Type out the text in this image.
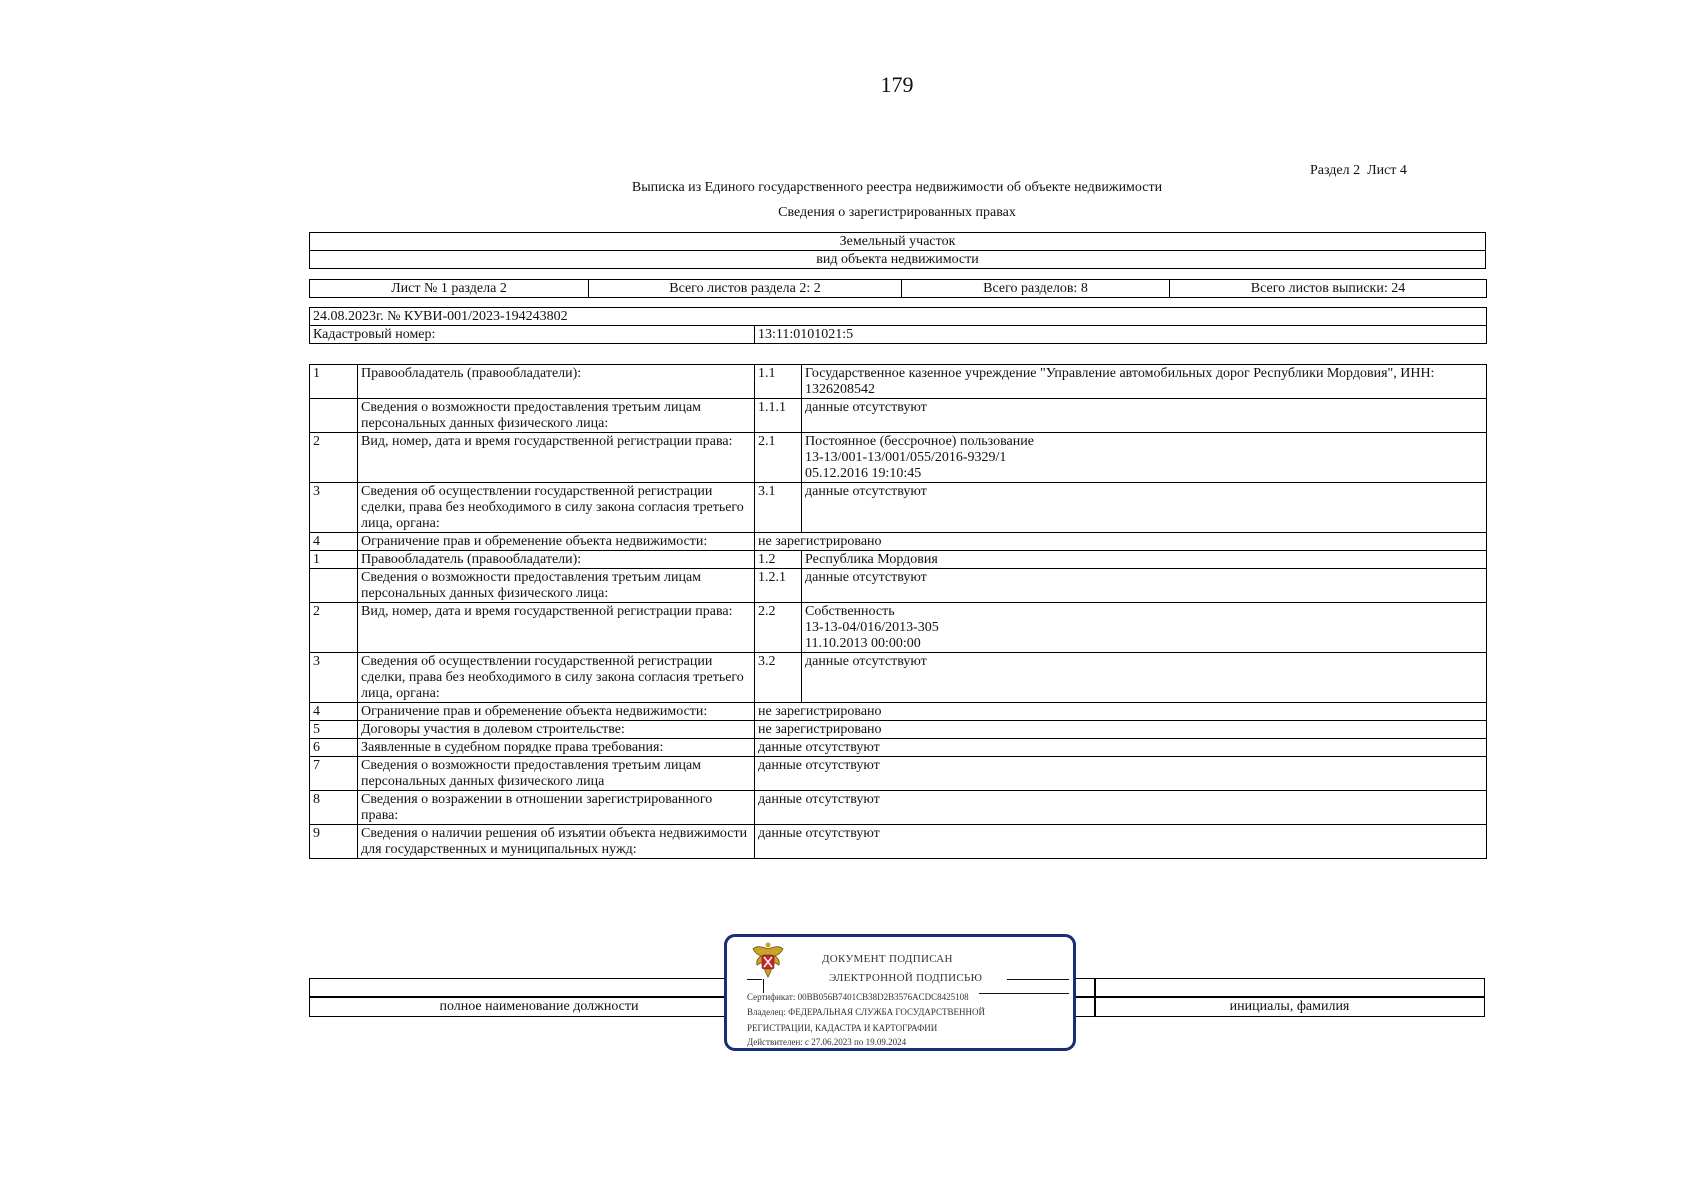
179
Раздел 2  Лист 4
Выписка из Единого государственного реестра недвижимости об объекте недвижимости
Сведения о зарегистрированных правах
Земельный участок
вид объекта недвижимости
Лист № 1 раздела 2	Всего листов раздела 2: 2	Всего разделов: 8	Всего листов выписки: 24
24.08.2023г. № КУВИ-001/2023-194243802
Кадастровый номер:	13:11:0101021:5
1	Правообладатель (правообладатели):	1.1	Государственное казенное учреждение "Управление автомобильных дорог Республики Мордовия", ИНН: 1326208542
	Сведения о возможности предоставления третьим лицам персональных данных физического лица:	1.1.1	данные отсутствуют
2	Вид, номер, дата и время государственной регистрации права:	2.1	Постоянное (бессрочное) пользование
13-13/001-13/001/055/2016-9329/1
05.12.2016 19:10:45
3	Сведения об осуществлении государственной регистрации сделки, права без необходимого в силу закона согласия третьего лица, органа:	3.1	данные отсутствуют
4	Ограничение прав и обременение объекта недвижимости:	не зарегистрировано	
1	Правообладатель (правообладатели):	1.2	Республика Мордовия
	Сведения о возможности предоставления третьим лицам персональных данных физического лица:	1.2.1	данные отсутствуют
2	Вид, номер, дата и время государственной регистрации права:	2.2	Собственность
13-13-04/016/2013-305
11.10.2013 00:00:00
3	Сведения об осуществлении государственной регистрации сделки, права без необходимого в силу закона согласия третьего лица, органа:	3.2	данные отсутствуют
4	Ограничение прав и обременение объекта недвижимости:	не зарегистрировано	
5	Договоры участия в долевом строительстве:	не зарегистрировано	
6	Заявленные в судебном порядке права требования:	данные отсутствуют	
7	Сведения о возможности предоставления третьим лицам персональных данных физического лица	данные отсутствуют	
8	Сведения о возражении в отношении зарегистрированного права:	данные отсутствуют	
9	Сведения о наличии решения об изъятии объекта недвижимости для государственных и муниципальных нужд:	данные отсутствуют	
полное наименование должности	инициалы, фамилия
ДОКУМЕНТ ПОДПИСАН
ЭЛЕКТРОННОЙ ПОДПИСЬЮ
Сертификат: 00BB056B7401CB38D2B3576ACDC8425108
Владелец: ФЕДЕРАЛЬНАЯ СЛУЖБА ГОСУДАРСТВЕННОЙ
РЕГИСТРАЦИИ, КАДАСТРА И КАРТОГРАФИИ
Действителен: с 27.06.2023 по 19.09.2024
